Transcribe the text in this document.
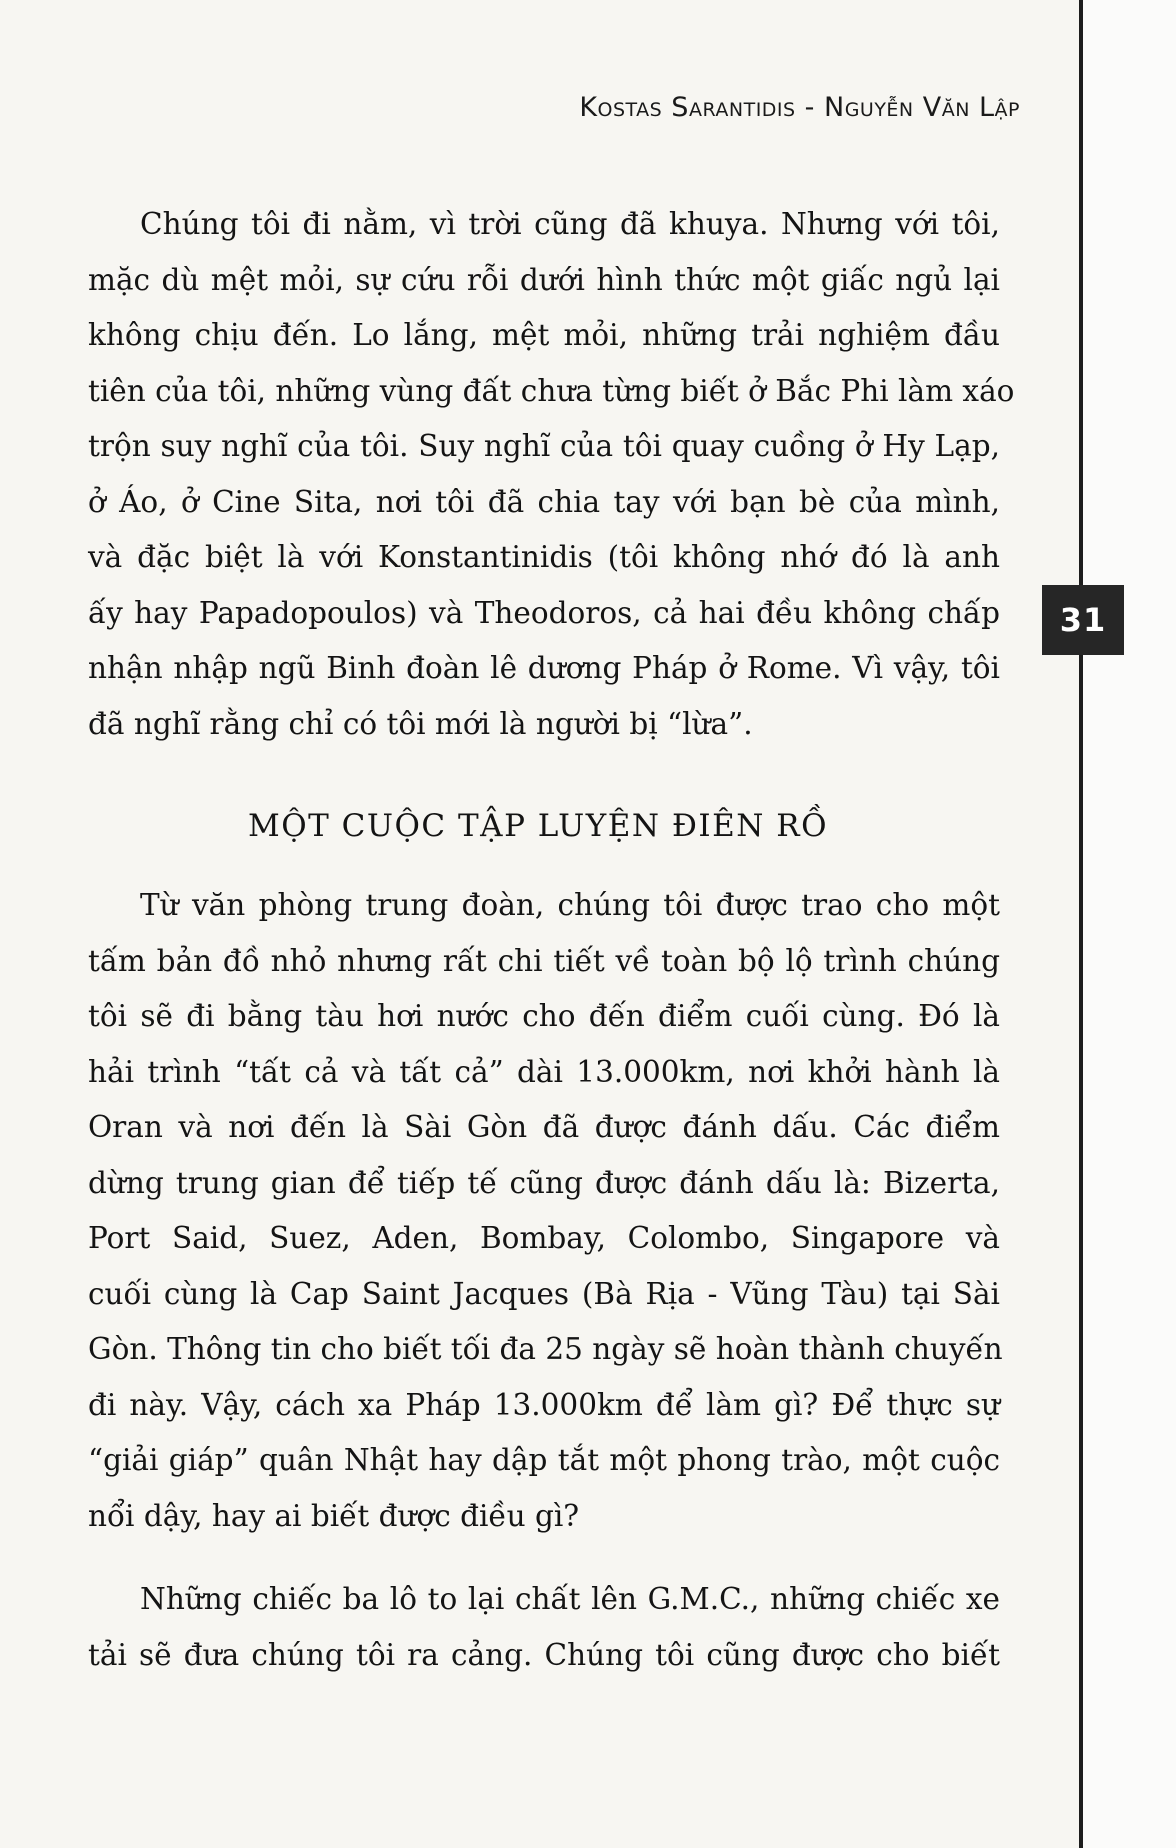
Kostas Sarantidis - Nguyễn Văn Lập
31
Chúng tôi đi nằm, vì trời cũng đã khuya. Nhưng với tôi,
mặc dù mệt mỏi, sự cứu rỗi dưới hình thức một giấc ngủ lại
không chịu đến. Lo lắng, mệt mỏi, những trải nghiệm đầu
tiên của tôi, những vùng đất chưa từng biết ở Bắc Phi làm xáo
trộn suy nghĩ của tôi. Suy nghĩ của tôi quay cuồng ở Hy Lạp,
ở Áo, ở Cine Sita, nơi tôi đã chia tay với bạn bè của mình,
và đặc biệt là với Konstantinidis (tôi không nhớ đó là anh
ấy hay Papadopoulos) và Theodoros, cả hai đều không chấp
nhận nhập ngũ Binh đoàn lê dương Pháp ở Rome. Vì vậy, tôi
đã nghĩ rằng chỉ có tôi mới là người bị “lừa”.
MỘT CUỘC TẬP LUYỆN ĐIÊN RỒ
Từ văn phòng trung đoàn, chúng tôi được trao cho một
tấm bản đồ nhỏ nhưng rất chi tiết về toàn bộ lộ trình chúng
tôi sẽ đi bằng tàu hơi nước cho đến điểm cuối cùng. Đó là
hải trình “tất cả và tất cả” dài 13.000km, nơi khởi hành là
Oran và nơi đến là Sài Gòn đã được đánh dấu. Các điểm
dừng trung gian để tiếp tế cũng được đánh dấu là: Bizerta,
Port Said, Suez, Aden, Bombay, Colombo, Singapore và
cuối cùng là Cap Saint Jacques (Bà Rịa - Vũng Tàu) tại Sài
Gòn. Thông tin cho biết tối đa 25 ngày sẽ hoàn thành chuyến
đi này. Vậy, cách xa Pháp 13.000km để làm gì? Để thực sự
“giải giáp” quân Nhật hay dập tắt một phong trào, một cuộc
nổi dậy, hay ai biết được điều gì?
Những chiếc ba lô to lại chất lên G.M.C., những chiếc xe
tải sẽ đưa chúng tôi ra cảng. Chúng tôi cũng được cho biết
